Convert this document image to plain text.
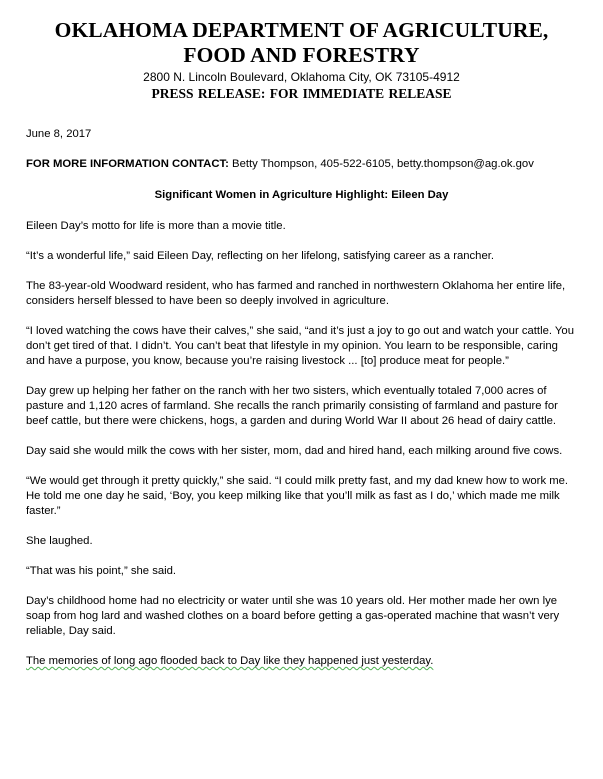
OKLAHOMA DEPARTMENT OF AGRICULTURE,

FOOD AND FORESTRY

2800 N. Lincoln Boulevard, Oklahoma City, OK 73105-4912

PRESS RELEASE: FOR IMMEDIATE RELEASE

June 8, 2017

FOR MORE INFORMATION CONTACT: Betty Thompson, 405-522-6105, betty.thompson@ag.ok.gov

Significant Women in Agriculture Highlight: Eileen Day

Eileen Day’s motto for life is more than a movie title.

“It’s a wonderful life,” said Eileen Day, reflecting on her lifelong, satisfying career as a rancher.

The 83-year-old Woodward resident, who has farmed and ranched in northwestern Oklahoma her entire life, considers herself blessed to have been so deeply involved in agriculture.

“I loved watching the cows have their calves,” she said, “and it’s just a joy to go out and watch your cattle. You don’t get tired of that. I didn’t. You can’t beat that lifestyle in my opinion. You learn to be responsible, caring and have a purpose, you know, because you’re raising livestock ... [to] produce meat for people.”

Day grew up helping her father on the ranch with her two sisters, which eventually totaled 7,000 acres of pasture and 1,120 acres of farmland. She recalls the ranch primarily consisting of farmland and pasture for beef cattle, but there were chickens, hogs, a garden and during World War II about 26 head of dairy cattle.

Day said she would milk the cows with her sister, mom, dad and hired hand, each milking around five cows.

“We would get through it pretty quickly,” she said. “I could milk pretty fast, and my dad knew how to work me. He told me one day he said, ‘Boy, you keep milking like that you’ll milk as fast as I do,’ which made me milk faster.”

She laughed.

“That was his point,” she said.

Day’s childhood home had no electricity or water until she was 10 years old. Her mother made her own lye soap from hog lard and washed clothes on a board before getting a gas-operated machine that wasn’t very reliable, Day said.

The memories of long ago flooded back to Day like they happened just yesterday.
